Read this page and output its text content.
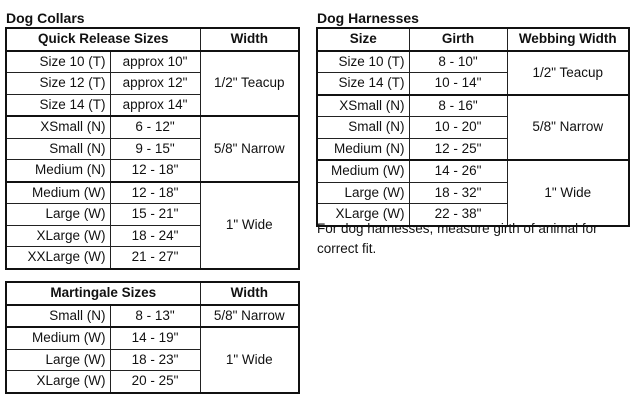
Dog Collars
Quick Release Sizes		Width
Size 10 (T)	approx 10"	1/2" Teacup
Size 12 (T)	approx 12"	
Size 14 (T)	approx 14"	
XSmall (N)	6 - 12"	5/8" Narrow
Small (N)	9 - 15"	
Medium (N)	12 - 18"	
Medium (W)	12 - 18"	1" Wide
Large (W)	15 - 21"	
XLarge (W)	18 - 24"	
XXLarge (W)	21 - 27"	
Martingale Sizes		Width
Small (N)	8 - 13"	5/8" Narrow
Medium (W)	14 - 19"	1" Wide
Large (W)	18 - 23"	
XLarge (W)	20 - 25"	
Dog Harnesses
Size	Girth	Webbing Width
Size 10 (T)	8 - 10"	1/2" Teacup
Size 14 (T)	10 - 14"	
XSmall (N)	8 - 16"	5/8" Narrow
Small (N)	10 - 20"	
Medium (N)	12 - 25"	
Medium (W)	14 - 26"	1" Wide
Large (W)	18 - 32"	
XLarge (W)	22 - 38"	
For dog harnesses, measure girth of animal for correct fit.
